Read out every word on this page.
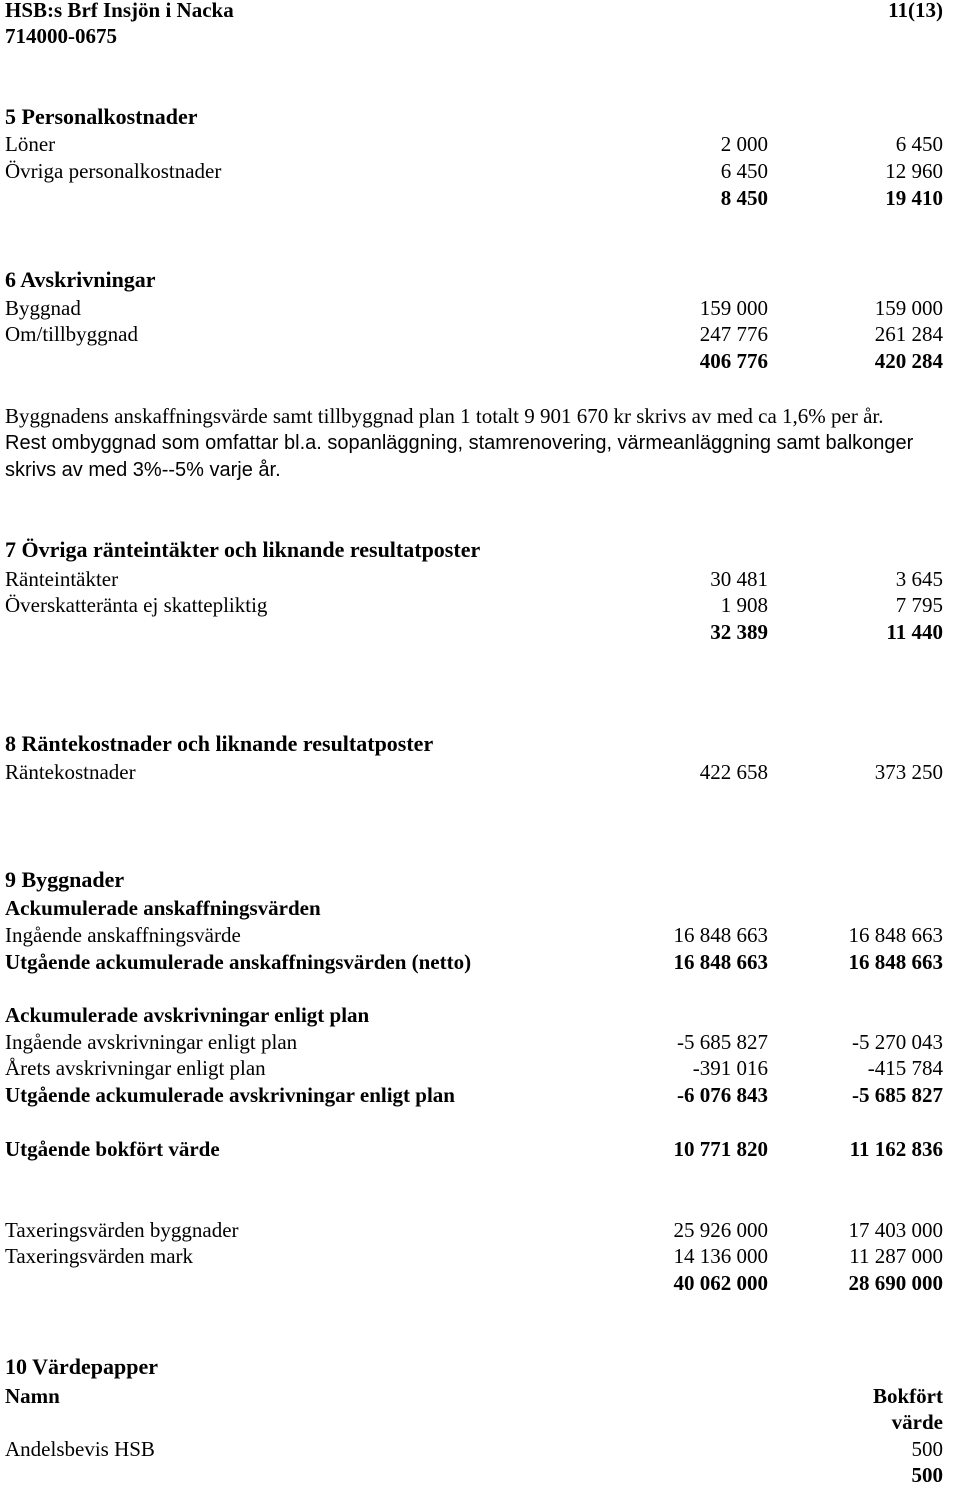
HSB:s Brf Insjön i Nacka
714000-0675
11(13)
5 Personalkostnader
Löner	2 000	6 450
Övriga personalkostnader	6 450	12 960
8 450	19 410
6 Avskrivningar
Byggnad	159 000	159 000
Om/tillbyggnad	247 776	261 284
406 776	420 284
Byggnadens anskaffningsvärde samt tillbyggnad plan 1 totalt 9 901 670 kr skrivs av med ca 1,6% per år.
Rest ombyggnad som omfattar bl.a. sopanläggning, stamrenovering, värmeanläggning samt balkonger
skrivs av med 3%--5% varje år.
7 Övriga ränteintäkter och liknande resultatposter
Ränteintäkter	30 481	3 645
Överskatteränta ej skattepliktig	1 908	7 795
32 389	11 440
8 Räntekostnader och liknande resultatposter
Räntekostnader	422 658	373 250
9 Byggnader
Ackumulerade anskaffningsvärden
Ingående anskaffningsvärde	16 848 663	16 848 663
Utgående ackumulerade anskaffningsvärden (netto)	16 848 663	16 848 663
Ackumulerade avskrivningar enligt plan
Ingående avskrivningar enligt plan	-5 685 827	-5 270 043
Årets avskrivningar enligt plan	-391 016	-415 784
Utgående ackumulerade avskrivningar enligt plan	-6 076 843	-5 685 827
Utgående bokfört värde	10 771 820	11 162 836
Taxeringsvärden byggnader	25 926 000	17 403 000
Taxeringsvärden mark	14 136 000	11 287 000
40 062 000	28 690 000
10 Värdepapper
Namn	Bokfört
värde
Andelsbevis HSB	500
500
